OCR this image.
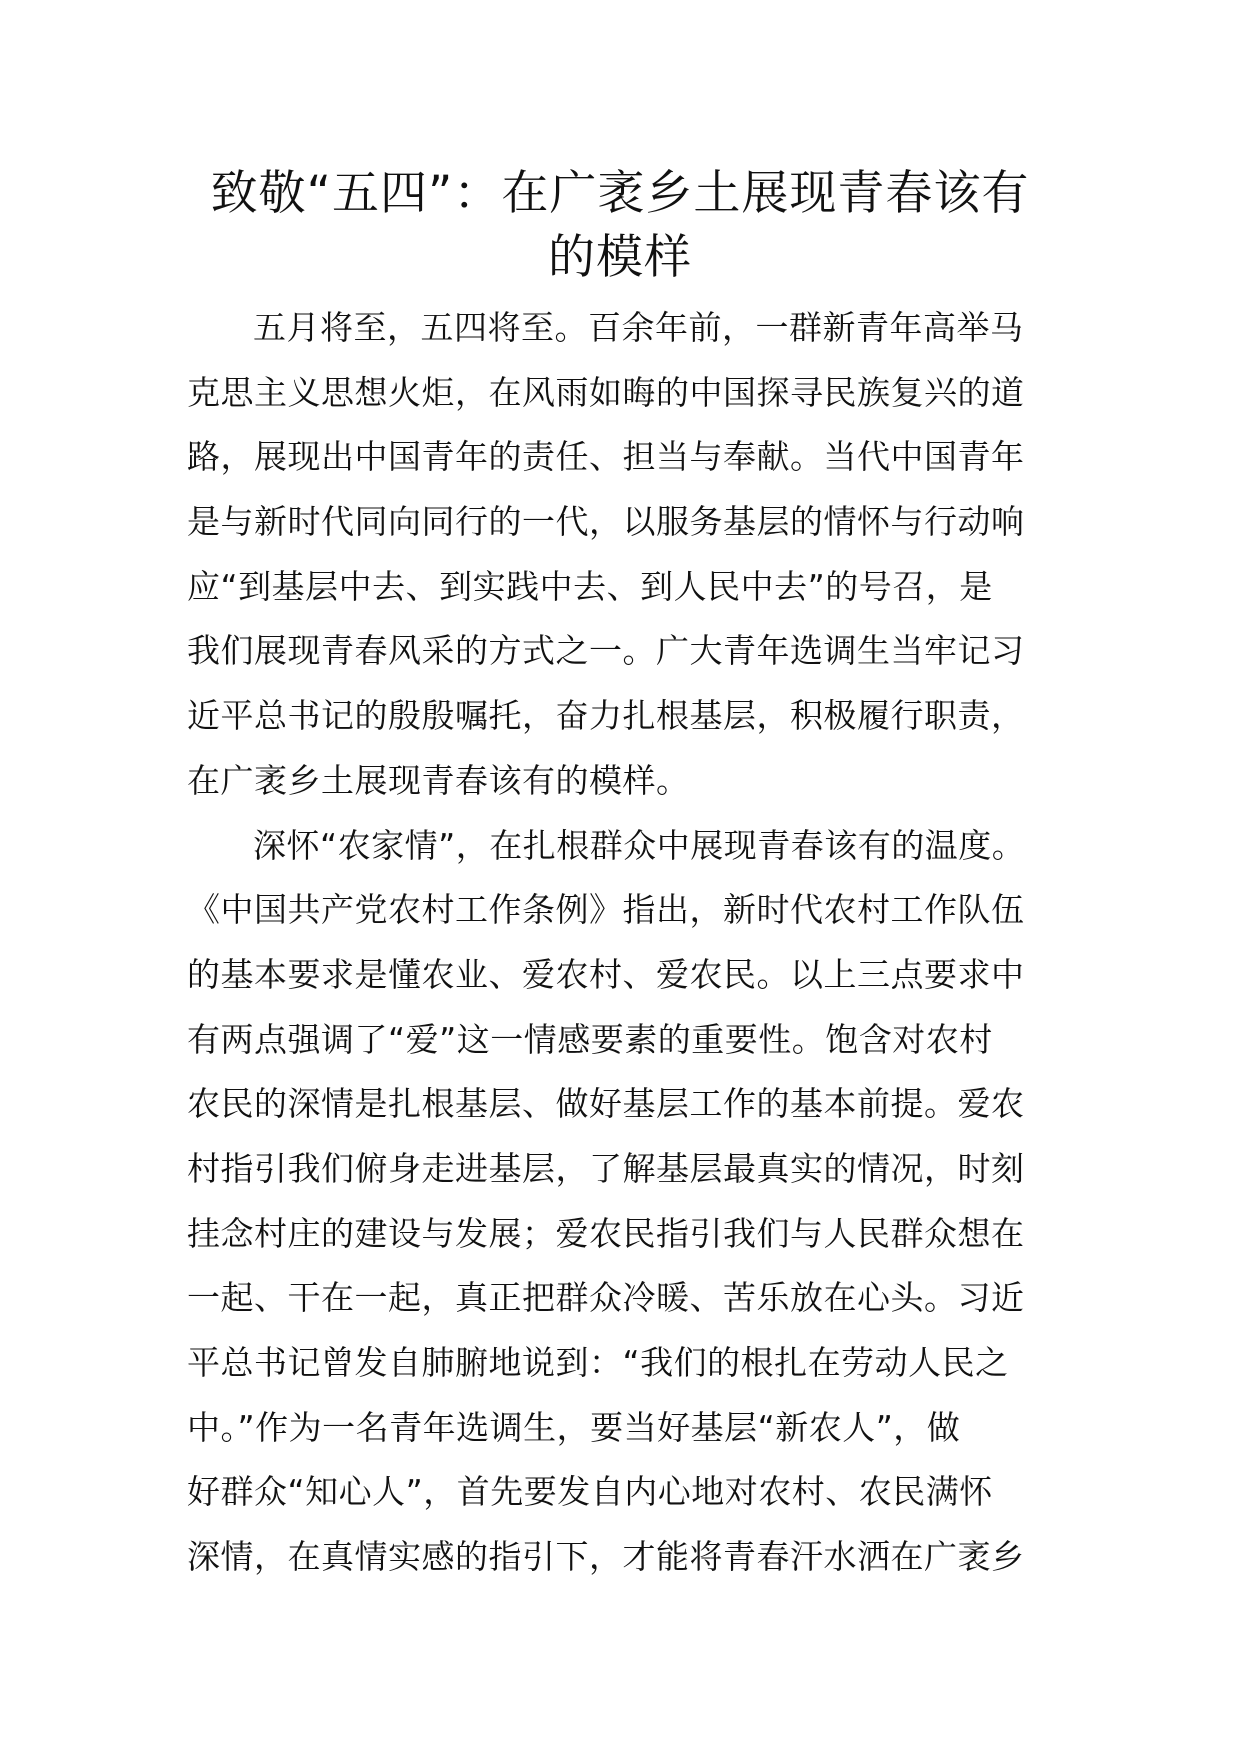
致敬“五四”：在广袤乡土展现青春该有
的模样
五月将至，五四将至。百余年前，一群新青年高举马
克思主义思想火炬，在风雨如晦的中国探寻民族复兴的道
路，展现出中国青年的责任、担当与奉献。当代中国青年
是与新时代同向同行的一代，以服务基层的情怀与行动响
应“到基层中去、到实践中去、到人民中去”的号召，是
我们展现青春风采的方式之一。广大青年选调生当牢记习
近平总书记的殷殷嘱托，奋力扎根基层，积极履行职责，
在广袤乡土展现青春该有的模样。
深怀“农家情”，在扎根群众中展现青春该有的温度。
《中国共产党农村工作条例》指出，新时代农村工作队伍
的基本要求是懂农业、爱农村、爱农民。以上三点要求中
有两点强调了“爱”这一情感要素的重要性。饱含对农村
农民的深情是扎根基层、做好基层工作的基本前提。爱农
村指引我们俯身走进基层，了解基层最真实的情况，时刻
挂念村庄的建设与发展；爱农民指引我们与人民群众想在
一起、干在一起，真正把群众冷暖、苦乐放在心头。习近
平总书记曾发自肺腑地说到：“我们的根扎在劳动人民之
中。”作为一名青年选调生，要当好基层“新农人”，做
好群众“知心人”，首先要发自内心地对农村、农民满怀
深情，在真情实感的指引下，才能将青春汗水洒在广袤乡
